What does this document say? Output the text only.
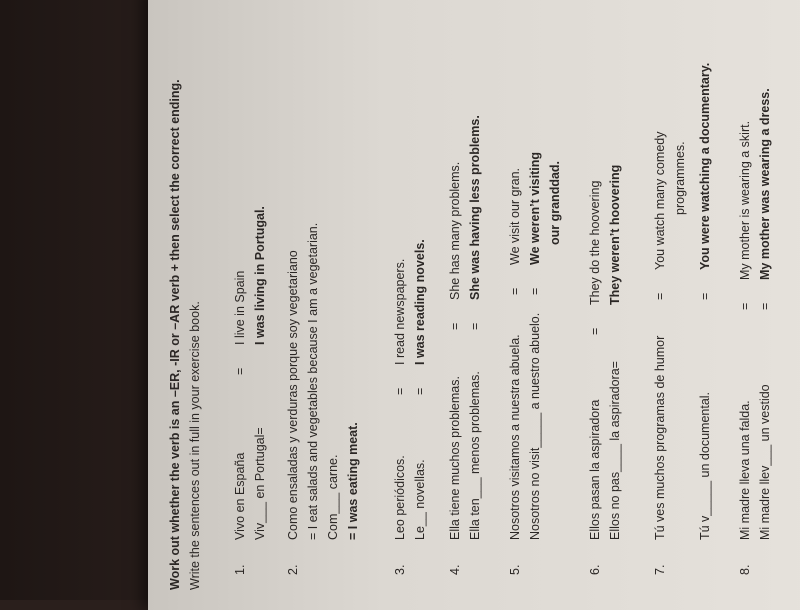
Work out whether the verb is an –ER, -IR or –AR verb + then select the correct ending. Write the sentences out in full in your exercise book. 1.
Vivo en España
=
I live in Spain
Viv___ en Portugal=
I was living in Portugal.
2.
Como ensaladas y verduras porque soy vegetariano = I eat salads and vegetables because I am a vegetarian. Com___ carne. = I was eating meat.
3.
Leo periódicos.
=
I read newspapers.
Le__ novellas.
=
I was reading novels.
4.
Ella tiene muchos problemas.
=
She has many problems.
Ella ten___ menos problemas.
=
She was having less problems.
5.
Nosotros visitamos a nuestra abuela.
=
We visit our gran.
Nosotros no visit_____ a nuestro abuelo.
=
We weren’t visiting our granddad.
6.
Ellos pasan la aspiradora
=
They do the hoovering
Ellos no pas____ la aspiradora=
They weren’t hoovering
7.
Tú ves muchos programas de humor
=
You watch many comedy programmes.
Tú v_____ un documental.
=
You were watching a documentary.
8.
Mi madre lleva una falda.
=
My mother is wearing a skirt.
Mi madre llev___ un vestido
=
My mother was wearing a dress.
